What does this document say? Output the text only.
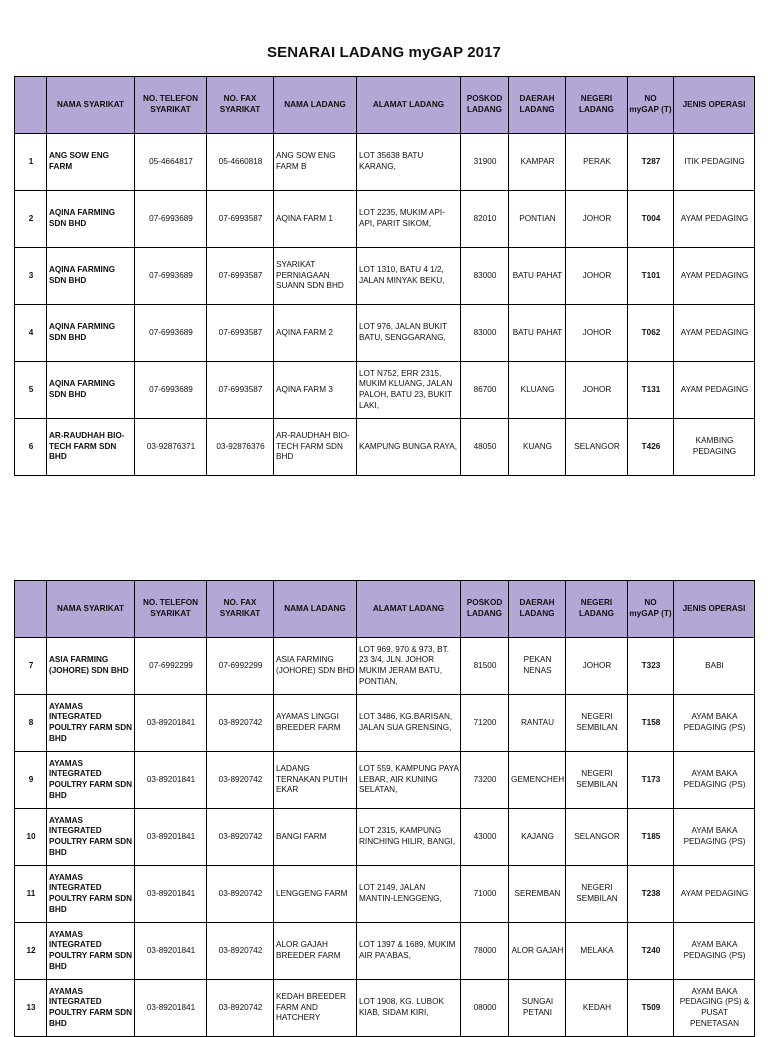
SENARAI LADANG myGAP 2017
	NAMA SYARIKAT	NO. TELEFON SYARIKAT	NO. FAX SYARIKAT	NAMA LADANG	ALAMAT LADANG	POSKOD LADANG	DAERAH LADANG	NEGERI LADANG	NO myGAP (T)	JENIS OPERASI
1	ANG SOW ENG FARM	05-4664817	05-4660818	ANG SOW ENG FARM B	LOT 35638 BATU KARANG,	31900	KAMPAR	PERAK	T287	ITIK PEDAGING
2	AQINA FARMING SDN BHD	07-6993689	07-6993587	AQINA FARM 1	LOT 2235, MUKIM API-API, PARIT SIKOM,	82010	PONTIAN	JOHOR	T004	AYAM PEDAGING
3	AQINA FARMING SDN BHD	07-6993689	07-6993587	SYARIKAT PERNIAGAAN SUANN SDN BHD	LOT 1310, BATU 4 1/2, JALAN MINYAK BEKU,	83000	BATU PAHAT	JOHOR	T101	AYAM PEDAGING
4	AQINA FARMING SDN BHD	07-6993689	07-6993587	AQINA FARM 2	LOT 976, JALAN BUKIT BATU, SENGGARANG,	83000	BATU PAHAT	JOHOR	T062	AYAM PEDAGING
5	AQINA FARMING SDN BHD	07-6993689	07-6993587	AQINA FARM 3	LOT N752, ERR 2315, MUKIM KLUANG, JALAN PALOH, BATU 23, BUKIT LAKI,	86700	KLUANG	JOHOR	T131	AYAM PEDAGING
6	AR-RAUDHAH BIO-TECH FARM SDN BHD	03-92876371	03-92876376	AR-RAUDHAH BIO-TECH FARM SDN BHD	KAMPUNG BUNGA RAYA,	48050	KUANG	SELANGOR	T426	KAMBING PEDAGING
	NAMA SYARIKAT	NO. TELEFON SYARIKAT	NO. FAX SYARIKAT	NAMA LADANG	ALAMAT LADANG	POSKOD LADANG	DAERAH LADANG	NEGERI LADANG	NO myGAP (T)	JENIS OPERASI
7	ASIA FARMING (JOHORE) SDN BHD	07-6992299	07-6992299	ASIA FARMING (JOHORE) SDN BHD	LOT 969, 970 & 973, BT. 23 3/4, JLN. JOHOR MUKIM JERAM BATU, PONTIAN,	81500	PEKAN NENAS	JOHOR	T323	BABI
8	AYAMAS INTEGRATED POULTRY FARM SDN BHD	03-89201841	03-8920742	AYAMAS LINGGI BREEDER FARM	LOT 3486, KG.BARISAN, JALAN SUA GRENSING,	71200	RANTAU	NEGERI SEMBILAN	T158	AYAM BAKA PEDAGING (PS)
9	AYAMAS INTEGRATED POULTRY FARM SDN BHD	03-89201841	03-8920742	LADANG TERNAKAN PUTIH EKAR	LOT 559, KAMPUNG PAYA LEBAR, AIR KUNING SELATAN,	73200	GEMENCHEH	NEGERI SEMBILAN	T173	AYAM BAKA PEDAGING (PS)
10	AYAMAS INTEGRATED POULTRY FARM SDN BHD	03-89201841	03-8920742	BANGI FARM	LOT 2315, KAMPUNG RINCHING HILIR, BANGI,	43000	KAJANG	SELANGOR	T185	AYAM BAKA PEDAGING (PS)
11	AYAMAS INTEGRATED POULTRY FARM SDN BHD	03-89201841	03-8920742	LENGGENG FARM	LOT 2149, JALAN MANTIN-LENGGENG,	71000	SEREMBAN	NEGERI SEMBILAN	T238	AYAM PEDAGING
12	AYAMAS INTEGRATED POULTRY FARM SDN BHD	03-89201841	03-8920742	ALOR GAJAH BREEDER FARM	LOT 1397 & 1689, MUKIM AIR PA'ABAS,	78000	ALOR GAJAH	MELAKA	T240	AYAM BAKA PEDAGING (PS)
13	AYAMAS INTEGRATED POULTRY FARM SDN BHD	03-89201841	03-8920742	KEDAH BREEDER FARM AND HATCHERY	LOT 1908, KG. LUBOK KIAB, SIDAM KIRI,	08000	SUNGAI PETANI	KEDAH	T509	AYAM BAKA PEDAGING (PS) & PUSAT PENETASAN
